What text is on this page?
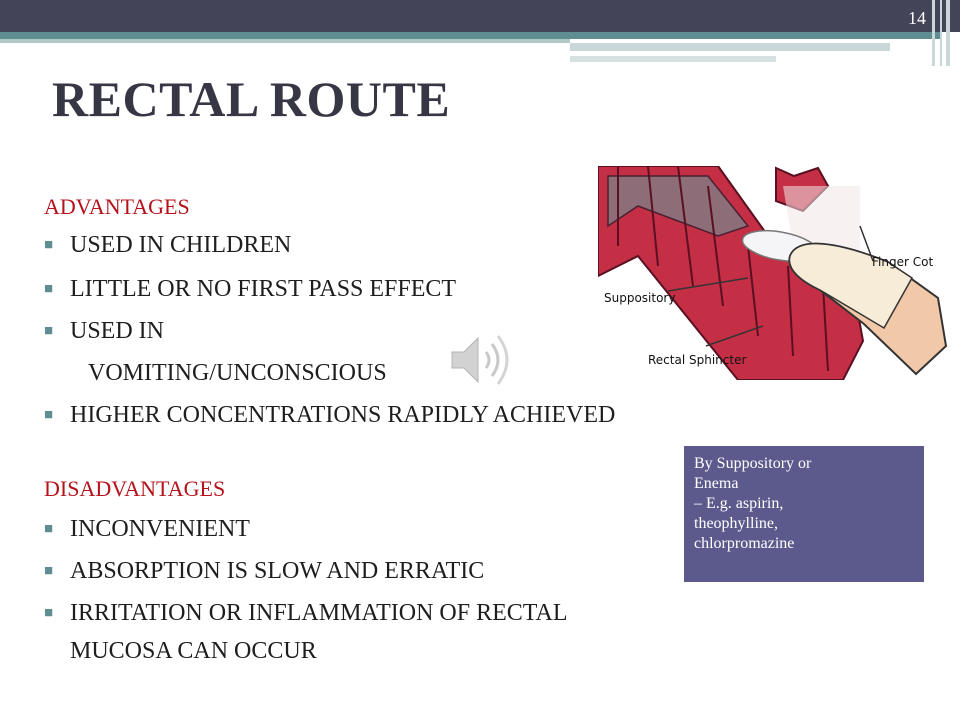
14
RECTAL ROUTE
ADVANTAGES
■ USED IN CHILDREN
■ LITTLE OR NO FIRST PASS EFFECT
■ USED IN
VOMITING/UNCONSCIOUS
■ HIGHER CONCENTRATIONS RAPIDLY ACHIEVED
DISADVANTAGES
■ INCONVENIENT
■ ABSORPTION IS SLOW AND ERRATIC
■ IRRITATION OR INFLAMMATION OF RECTAL
MUCOSA CAN OCCUR
Finger Cot
Suppository
Rectal Sphincter
By Suppository or
Enema
– E.g. aspirin,
theophylline,
chlorpromazine
